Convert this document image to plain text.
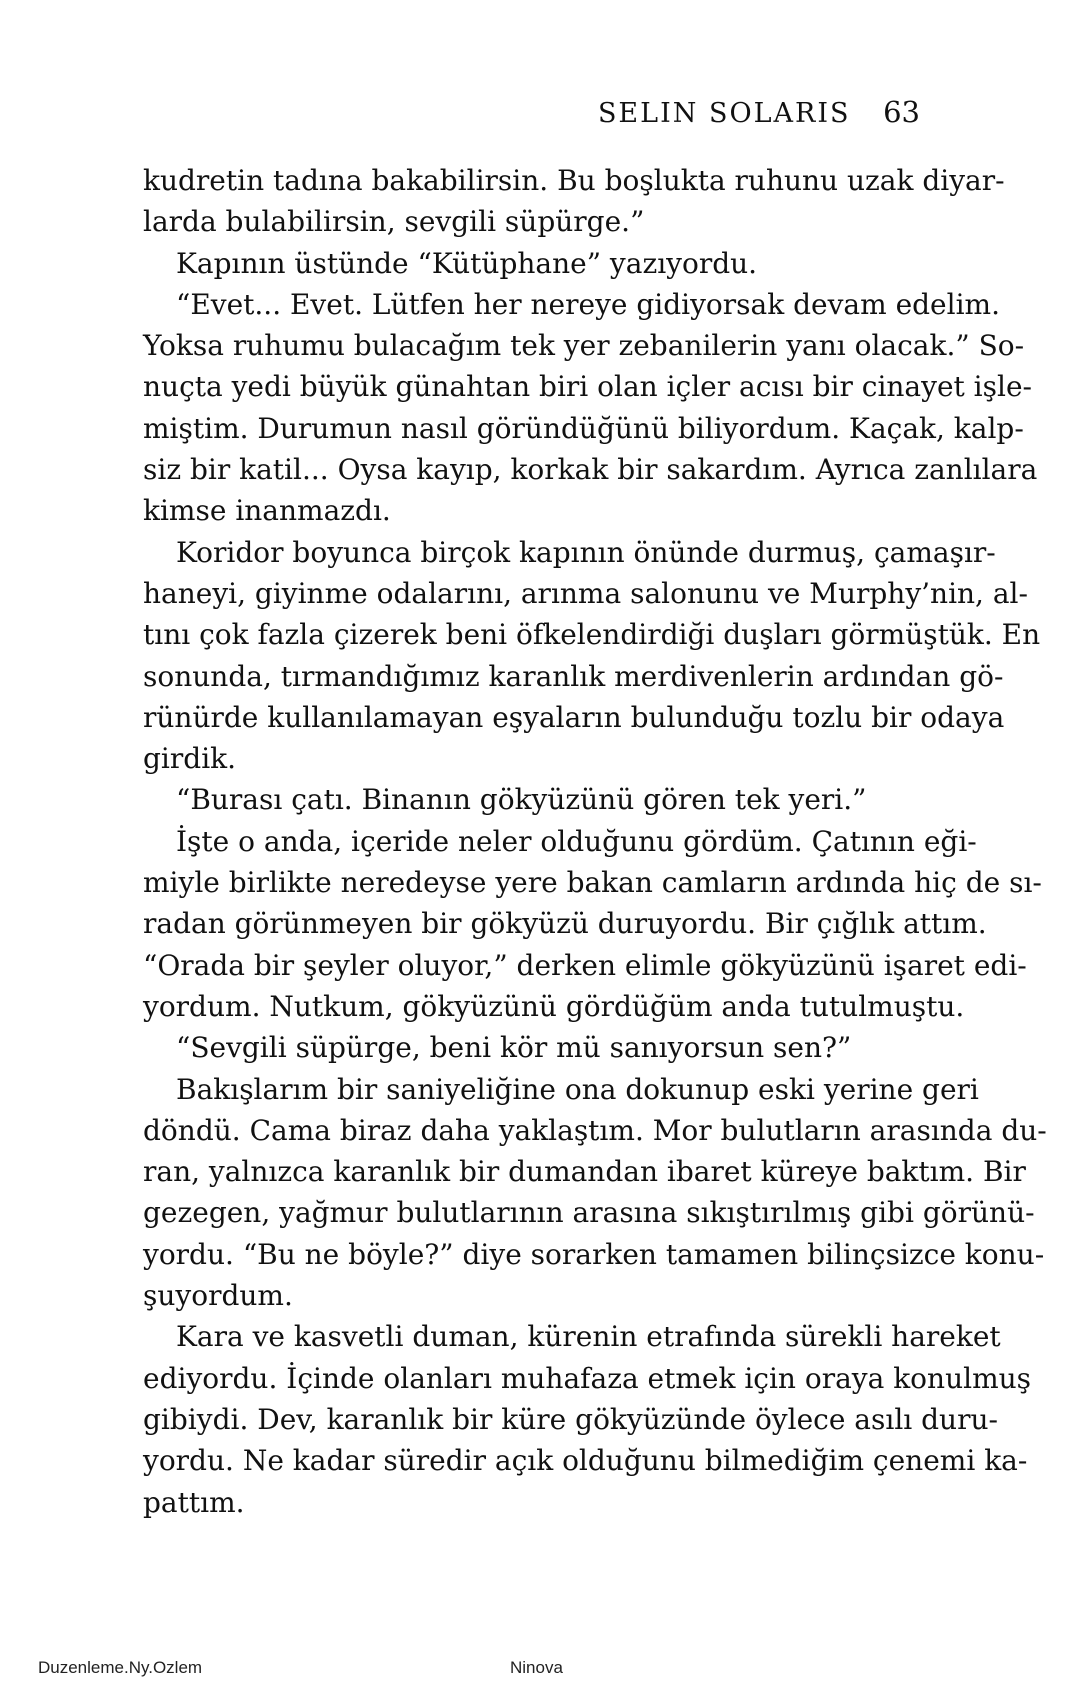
SELIN SOLARIS 63
kudretin tadına bakabilirsin. Bu boşlukta ruhunu uzak diyar-
larda bulabilirsin, sevgili süpürge.”
Kapının üstünde “Kütüphane” yazıyordu.
“Evet... Evet. Lütfen her nereye gidiyorsak devam edelim.
Yoksa ruhumu bulacağım tek yer zebanilerin yanı olacak.” So-
nuçta yedi büyük günahtan biri olan içler acısı bir cinayet işle-
miştim. Durumun nasıl göründüğünü biliyordum. Kaçak, kalp-
siz bir katil... Oysa kayıp, korkak bir sakardım. Ayrıca zanlılara
kimse inanmazdı.
Koridor boyunca birçok kapının önünde durmuş, çamaşır-
haneyi, giyinme odalarını, arınma salonunu ve Murphy’nin, al-
tını çok fazla çizerek beni öfkelendirdiği duşları görmüştük. En
sonunda, tırmandığımız karanlık merdivenlerin ardından gö-
rünürde kullanılamayan eşyaların bulunduğu tozlu bir odaya
girdik.
“Burası çatı. Binanın gökyüzünü gören tek yeri.”
İşte o anda, içeride neler olduğunu gördüm. Çatının eği-
miyle birlikte neredeyse yere bakan camların ardında hiç de sı-
radan görünmeyen bir gökyüzü duruyordu. Bir çığlık attım.
“Orada bir şeyler oluyor,” derken elimle gökyüzünü işaret edi-
yordum. Nutkum, gökyüzünü gördüğüm anda tutulmuştu.
“Sevgili süpürge, beni kör mü sanıyorsun sen?”
Bakışlarım bir saniyeliğine ona dokunup eski yerine geri
döndü. Cama biraz daha yaklaştım. Mor bulutların arasında du-
ran, yalnızca karanlık bir dumandan ibaret küreye baktım. Bir
gezegen, yağmur bulutlarının arasına sıkıştırılmış gibi görünü-
yordu. “Bu ne böyle?” diye sorarken tamamen bilinçsizce konu-
şuyordum.
Kara ve kasvetli duman, kürenin etrafında sürekli hareket
ediyordu. İçinde olanları muhafaza etmek için oraya konulmuş
gibiydi. Dev, karanlık bir küre gökyüzünde öylece asılı duru-
yordu. Ne kadar süredir açık olduğunu bilmediğim çenemi ka-
pattım.
Duzenleme.Ny.Ozlem	Ninova
